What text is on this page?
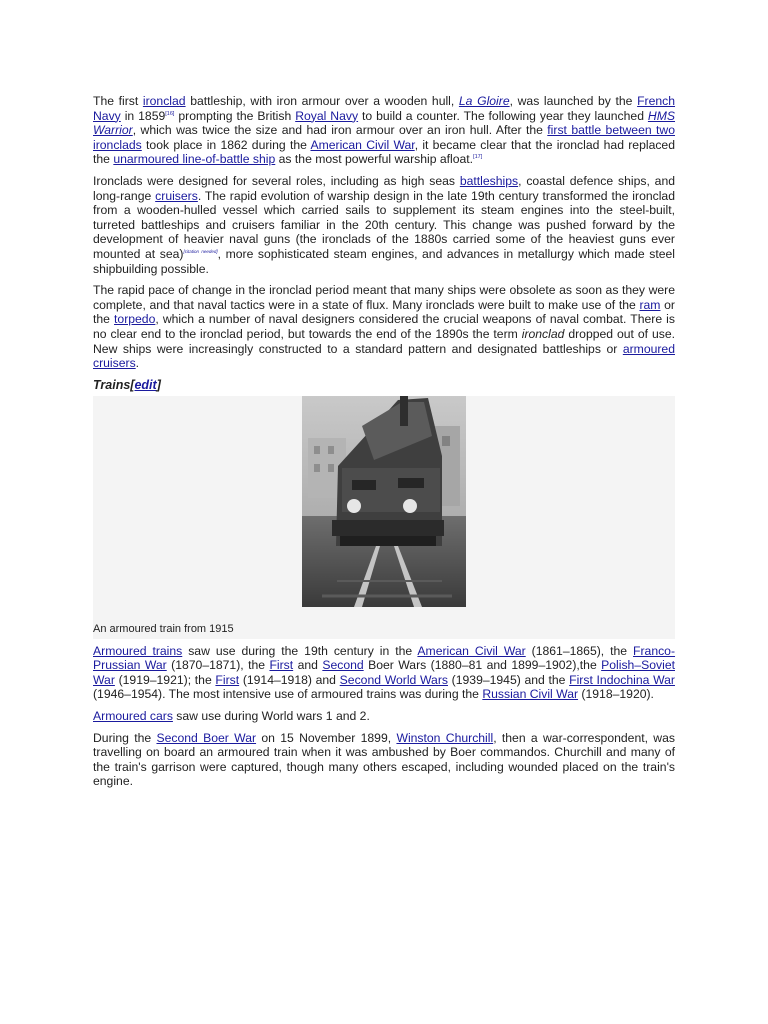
The first ironclad battleship, with iron armour over a wooden hull, La Gloire, was launched by the French Navy in 1859[16] prompting the British Royal Navy to build a counter. The following year they launched HMS Warrior, which was twice the size and had iron armour over an iron hull. After the first battle between two ironclads took place in 1862 during the American Civil War, it became clear that the ironclad had replaced the unarmoured line-of-battle ship as the most powerful warship afloat.[17]

Ironclads were designed for several roles, including as high seas battleships, coastal defence ships, and long-range cruisers. The rapid evolution of warship design in the late 19th century transformed the ironclad from a wooden-hulled vessel which carried sails to supplement its steam engines into the steel-built, turreted battleships and cruisers familiar in the 20th century. This change was pushed forward by the development of heavier naval guns (the ironclads of the 1880s carried some of the heaviest guns ever mounted at sea)[citation needed], more sophisticated steam engines, and advances in metallurgy which made steel shipbuilding possible.

The rapid pace of change in the ironclad period meant that many ships were obsolete as soon as they were complete, and that naval tactics were in a state of flux. Many ironclads were built to make use of the ram or the torpedo, which a number of naval designers considered the crucial weapons of naval combat. There is no clear end to the ironclad period, but towards the end of the 1890s the term ironclad dropped out of use. New ships were increasingly constructed to a standard pattern and designated battleships or armoured cruisers.

Trains[edit]
An armoured train from 1915

Armoured trains saw use during the 19th century in the American Civil War (1861–1865), the Franco-Prussian War (1870–1871), the First and Second Boer Wars (1880–81 and 1899–1902),the Polish–Soviet War (1919–1921); the First (1914–1918) and Second World Wars (1939–1945) and the First Indochina War (1946–1954). The most intensive use of armoured trains was during the Russian Civil War (1918–1920).

Armoured cars saw use during World wars 1 and 2.

During the Second Boer War on 15 November 1899, Winston Churchill, then a war-correspondent, was travelling on board an armoured train when it was ambushed by Boer commandos. Churchill and many of the train's garrison were captured, though many others escaped, including wounded placed on the train's engine.
